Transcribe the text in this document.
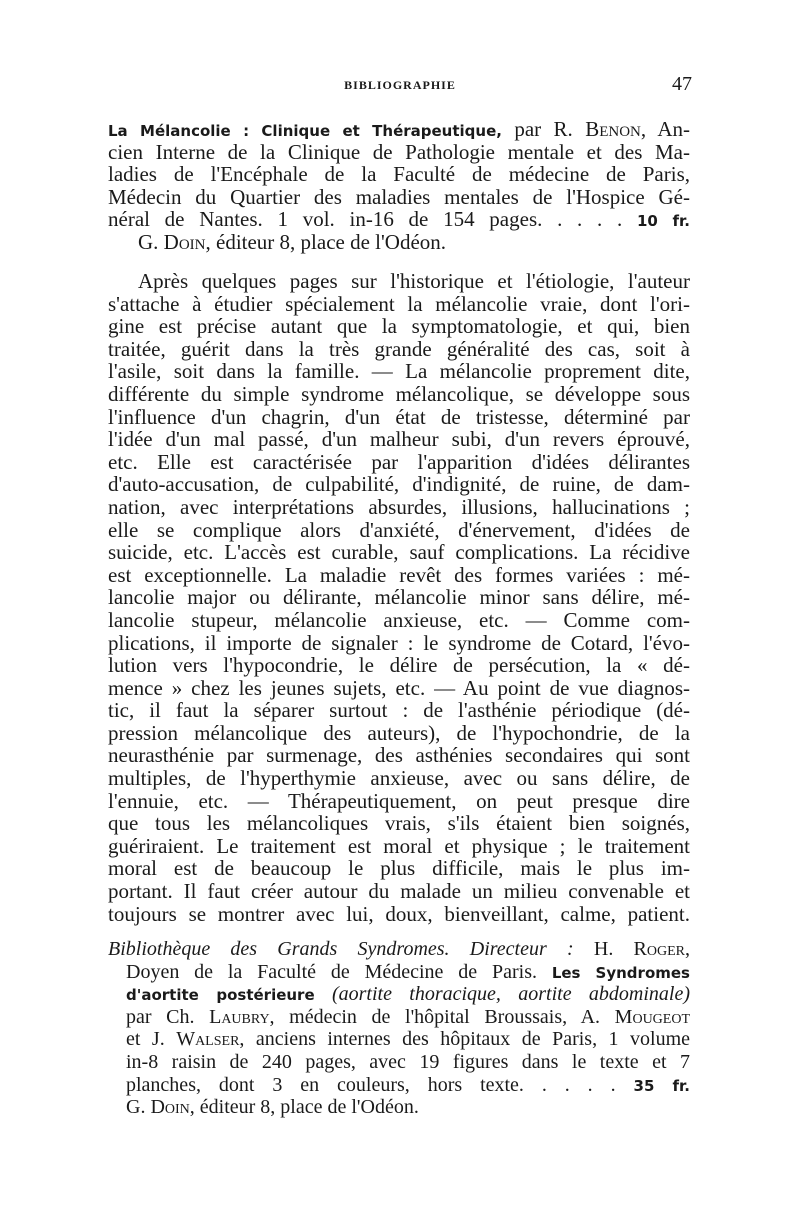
BIBLIOGRAPHIE	47
La Mélancolie : Clinique et Thérapeutique, par R. Benon, An-
cien Interne de la Clinique de Pathologie mentale et des Ma-
ladies de l'Encéphale de la Faculté de médecine de Paris,
Médecin du Quartier des maladies mentales de l'Hospice Gé-
néral de Nantes. 1 vol. in-16 de 154 pages. . . . . 10 fr.
G. Doin, éditeur 8, place de l'Odéon.
Après quelques pages sur l'historique et l'étiologie, l'auteur
s'attache à étudier spécialement la mélancolie vraie, dont l'ori-
gine est précise autant que la symptomatologie, et qui, bien
traitée, guérit dans la très grande généralité des cas, soit à
l'asile, soit dans la famille. — La mélancolie proprement dite,
différente du simple syndrome mélancolique, se développe sous
l'influence d'un chagrin, d'un état de tristesse, déterminé par
l'idée d'un mal passé, d'un malheur subi, d'un revers éprouvé,
etc. Elle est caractérisée par l'apparition d'idées délirantes
d'auto-accusation, de culpabilité, d'indignité, de ruine, de dam-
nation, avec interprétations absurdes, illusions, hallucinations ;
elle se complique alors d'anxiété, d'énervement, d'idées de
suicide, etc. L'accès est curable, sauf complications. La récidive
est exceptionnelle. La maladie revêt des formes variées : mé-
lancolie major ou délirante, mélancolie minor sans délire, mé-
lancolie stupeur, mélancolie anxieuse, etc. — Comme com-
plications, il importe de signaler : le syndrome de Cotard, l'évo-
lution vers l'hypocondrie, le délire de persécution, la « dé-
mence » chez les jeunes sujets, etc. — Au point de vue diagnos-
tic, il faut la séparer surtout : de l'asthénie périodique (dé-
pression mélancolique des auteurs), de l'hypochondrie, de la
neurasthénie par surmenage, des asthénies secondaires qui sont
multiples, de l'hyperthymie anxieuse, avec ou sans délire, de
l'ennuie, etc. — Thérapeutiquement, on peut presque dire
que tous les mélancoliques vrais, s'ils étaient bien soignés,
guériraient. Le traitement est moral et physique ; le traitement
moral est de beaucoup le plus difficile, mais le plus im-
portant. Il faut créer autour du malade un milieu convenable et
toujours se montrer avec lui, doux, bienveillant, calme, patient.
Bibliothèque des Grands Syndromes. Directeur : H. Roger,
Doyen de la Faculté de Médecine de Paris. Les Syndromes
d'aortite postérieure (aortite thoracique, aortite abdominale)
par Ch. Laubry, médecin de l'hôpital Broussais, A. Mougeot
et J. Walser, anciens internes des hôpitaux de Paris, 1 volume
in-8 raisin de 240 pages, avec 19 figures dans le texte et 7
planches, dont 3 en couleurs, hors texte. . . . . 35 fr.
G. Doin, éditeur 8, place de l'Odéon.
